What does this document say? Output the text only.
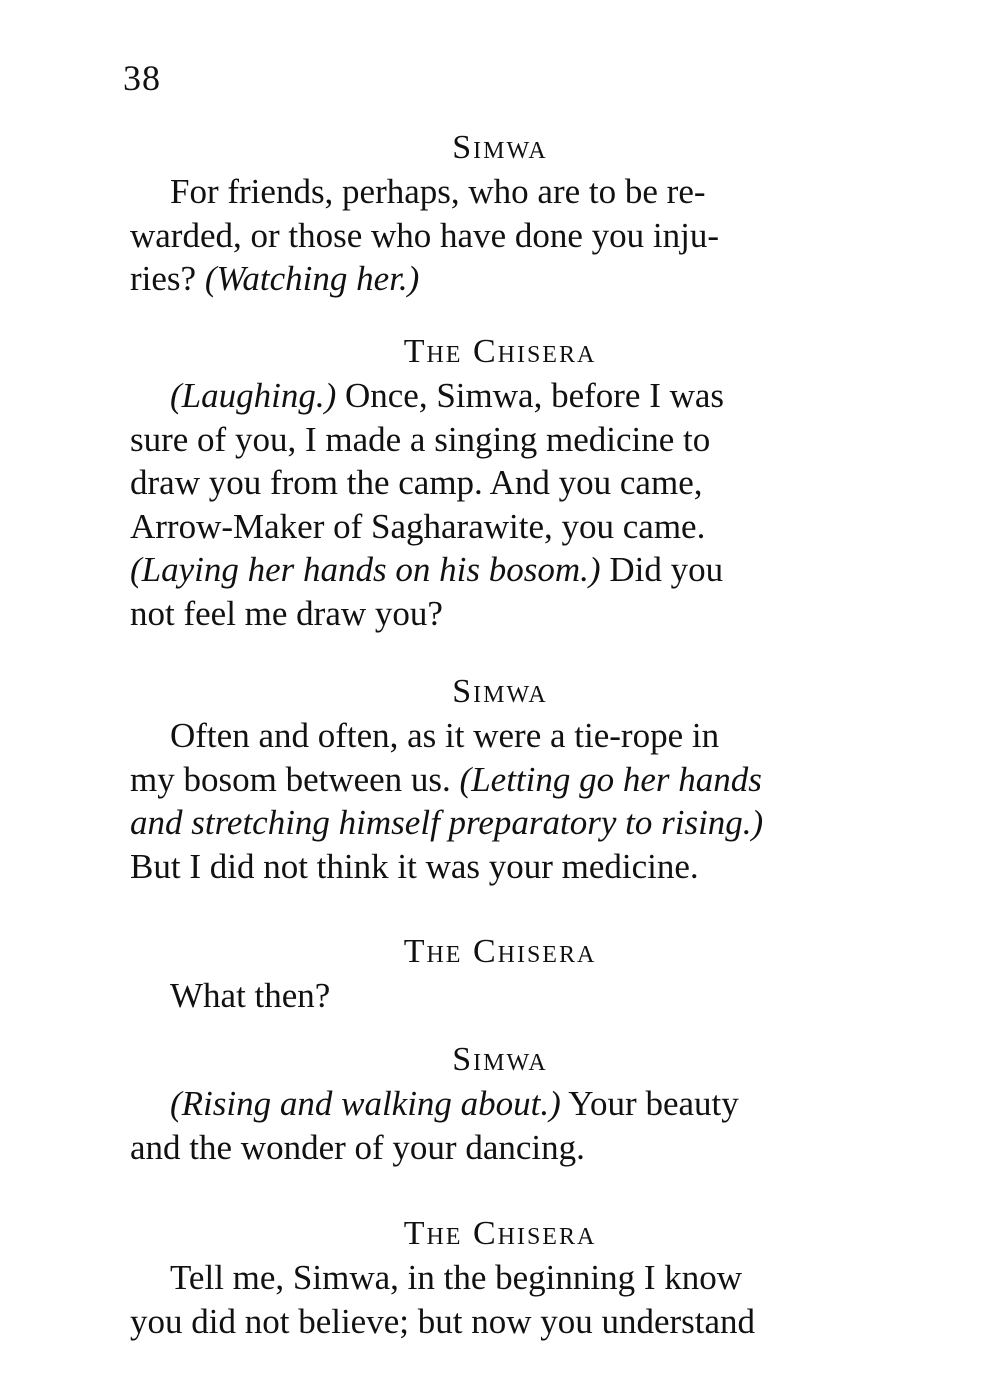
38
Simwa
For friends, perhaps, who are to be re-
warded, or those who have done you inju-
ries? (Watching her.)
The Chisera
(Laughing.) Once, Simwa, before I was
sure of you, I made a singing medicine to
draw you from the camp. And you came,
Arrow-Maker of Sagharawite, you came.
(Laying her hands on his bosom.) Did you
not feel me draw you?
Simwa
Often and often, as it were a tie-rope in
my bosom between us. (Letting go her hands
and stretching himself preparatory to rising.)
But I did not think it was your medicine.
The Chisera
What then?
Simwa
(Rising and walking about.) Your beauty
and the wonder of your dancing.
The Chisera
Tell me, Simwa, in the beginning I know
you did not believe; but now you understand
